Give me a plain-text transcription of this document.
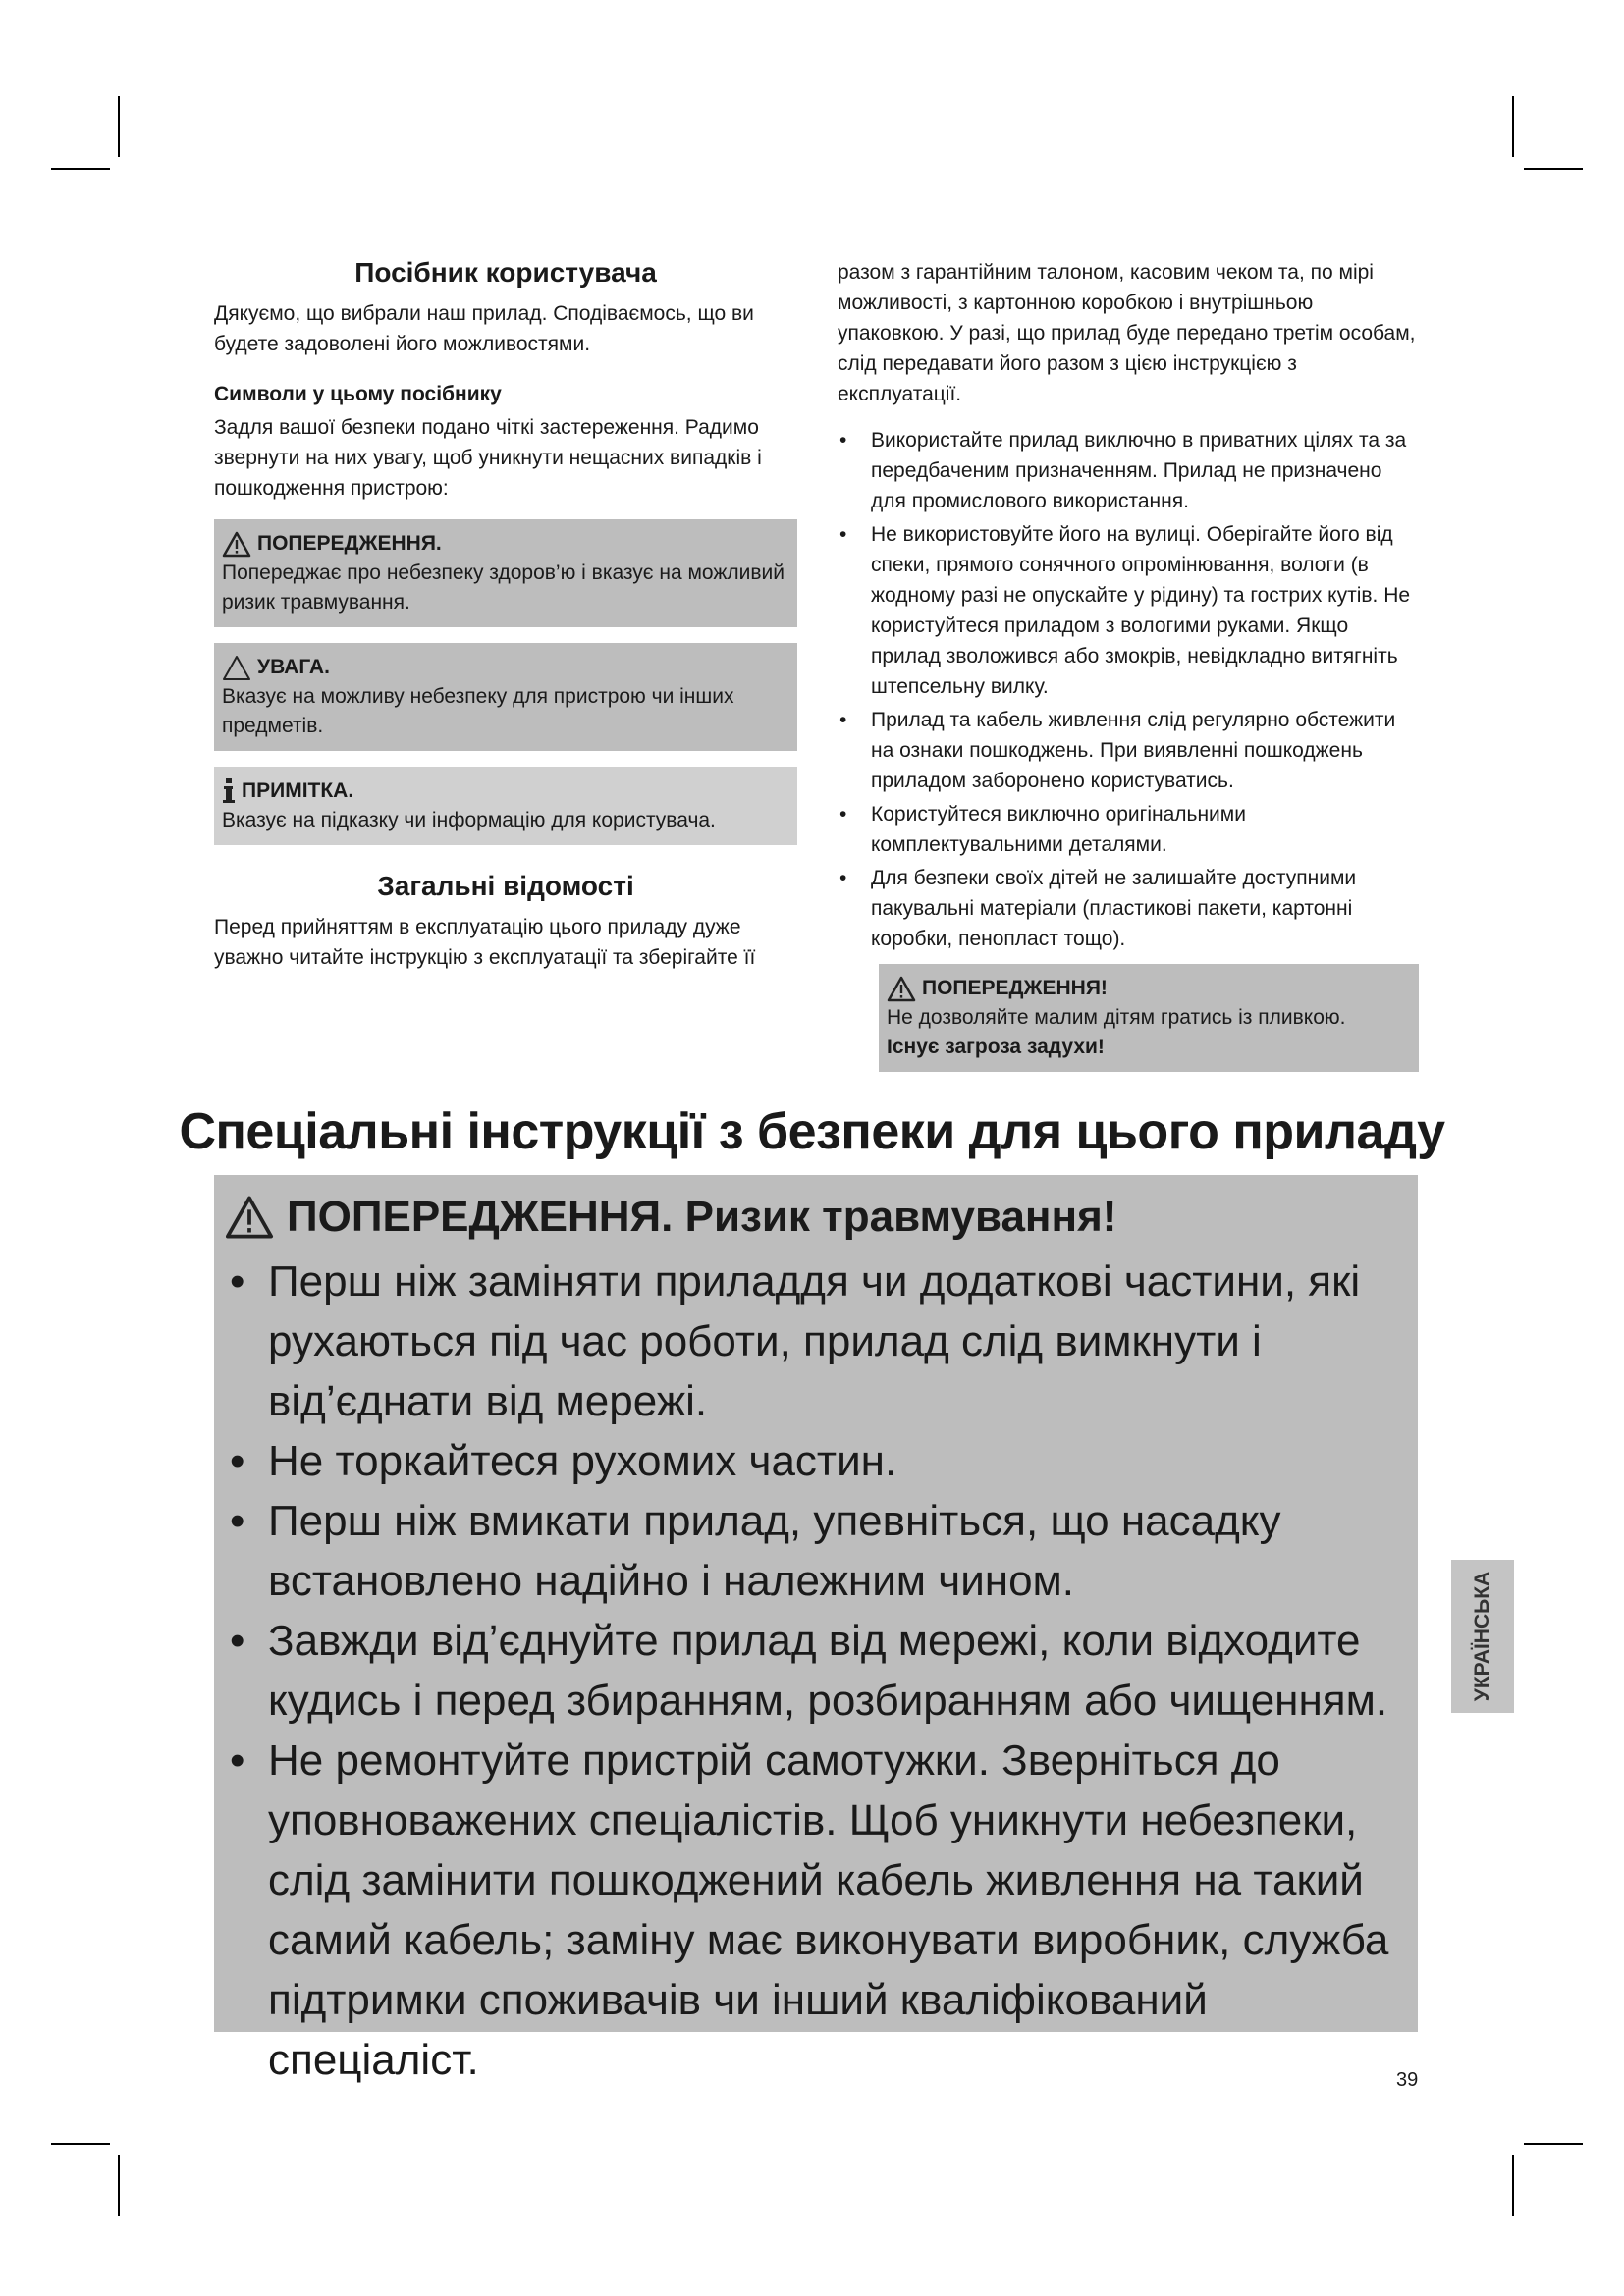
Посібник користувача

Дякуємо, що вибрали наш прилад. Сподіваємось, що ви будете задоволені його можливостями.

Символи у цьому посібнику

Задля вашої безпеки подано чіткі застереження. Радимо звернути на них увагу, щоб уникнути нещасних випадків і пошкодження пристрою:

ПОПЕРЕДЖЕННЯ.

Попереджає про небезпеку здоров’ю і вказує на можливий ризик травмування.

УВАГА.

Вказує на можливу небезпеку для пристрою чи інших предметів.

ПРИМІТКА.

Вказує на підказку чи інформацію для користувача.

Загальні відомості

Перед прийняттям в експлуатацію цього приладу дуже уважно читайте інструкцію з експлуатації та зберігайте її

разом з гарантійним талоном, касовим чеком та, по мірі можливості, з картонною коробкою і внутрішньою упаковкою. У разі, що прилад буде передано третім особам, слід передавати його разом з цією інструкцією з експлуатації.

• Використайте прилад виключно в приватних цілях та за передбаченим призначенням. Прилад не призначено для промислового використання.
• Не використовуйте його на вулиці. Оберігайте його від спеки, прямого сонячного опромінювання, вологи (в жодному разі не опускайте у рідину) та гострих кутів. Не користуйтеся приладом з вологими руками. Якщо прилад зволожився або змокрів, невідкладно витягніть штепсельну вилку.
• Прилад та кабель живлення слід регулярно обстежити на ознаки пошкоджень. При виявленні пошкоджень приладом заборонено користуватись.
• Користуйтеся виключно оригінальними комплектувальними деталями.
• Для безпеки своїх дітей не залишайте доступними пакувальні матеріали (пластикові пакети, картонні коробки, пенопласт тощо).
ПОПЕРЕДЖЕННЯ!

Не дозволяйте малим дітям гратись із пливкою.

Існує загроза задухи!

Спеціальні інструкції з безпеки для цього приладу
ПОПЕРЕДЖЕННЯ. Ризик травмування!
• Перш ніж заміняти приладдя чи додаткові частини, які рухаються під час роботи, прилад слід вимкнути і від’єднати від мережі.
• Не торкайтеся рухомих частин.
• Перш ніж вмикати прилад, упевніться, що насадку встановлено надійно і належним чином.
• Завжди від’єднуйте прилад від мережі, коли відходите кудись і перед збиранням, розбиранням або чищенням.
• Не ремонтуйте пристрій самотужки. Зверніться до уповноважених спеціалістів. Щоб уникнути небезпеки, слід замінити пошкоджений кабель живлення на такий самий кабель; заміну має виконувати виробник, служба підтримки споживачів чи інший кваліфікований спеціаліст.
УКРАЇНСЬКА
39
